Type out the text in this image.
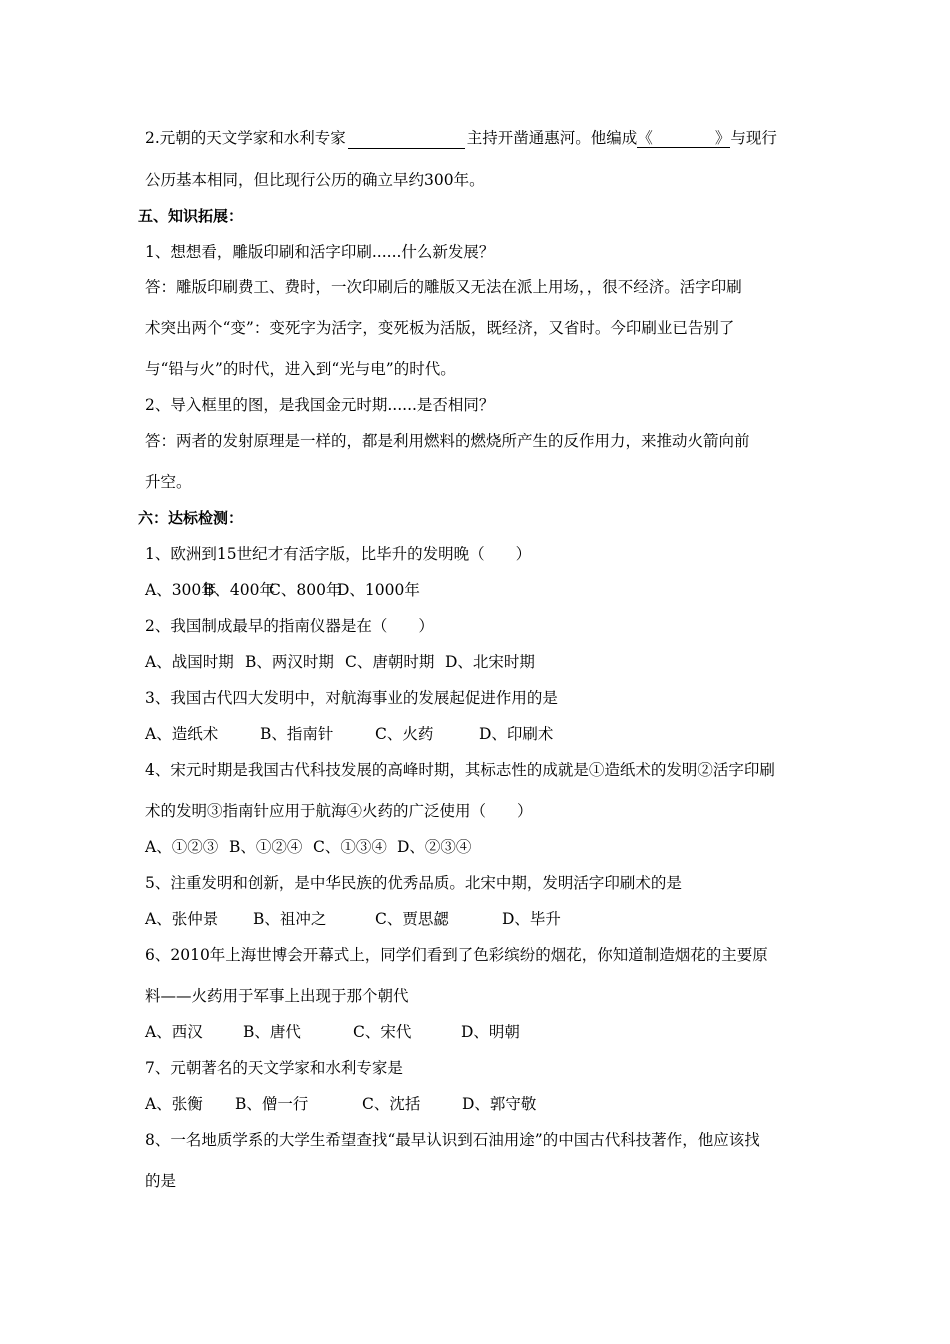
2.元朝的天文学家和水利专家	主持开凿通惠河。他编成《	》与现行
公历基本相同，但比现行公历的确立早约300年。
五、知识拓展：
1、想想看，雕版印刷和活字印刷......什么新发展？
答：雕版印刷费工、费时，一次印刷后的雕版又无法在派上用场，，很不经济。活字印刷
术突出两个“变”：变死字为活字，变死板为活版，既经济，又省时。今印刷业已告别了
与“铅与火”的时代，进入到“光与电”的时代。
2、导入框里的图，是我国金元时期......是否相同？
答：两者的发射原理是一样的，都是利用燃料的燃烧所产生的反作用力，来推动火箭向前
升空。
六：达标检测：
1、欧洲到15世纪才有活字版，比毕升的发明晚（　　）
A、300年B、400年C、800年D、1000年
2、我国制成最早的指南仪器是在（　　）
A、战国时期 B、两汉时期 C、唐朝时期 D、北宋时期
3、我国古代四大发明中，对航海事业的发展起促进作用的是
A、造纸术	B、指南针	C、火药	D、印刷术
4、宋元时期是我国古代科技发展的高峰时期，其标志性的成就是①造纸术的发明②活字印刷
术的发明③指南针应用于航海④火药的广泛使用（　　）
A、①②③ B、①②④ C、①③④ D、②③④
5、注重发明和创新，是中华民族的优秀品质。北宋中期，发明活字印刷术的是
A、张仲景 B、祖冲之	C、贾思勰	D、毕升
6、2010年上海世博会开幕式上，同学们看到了色彩缤纷的烟花，你知道制造烟花的主要原
料——火药用于军事上出现于那个朝代
A、西汉	B、唐代	C、宋代	D、明朝
7、元朝著名的天文学家和水利专家是
A、张衡 B、僧一行	C、沈括	D、郭守敬
8、一名地质学系的大学生希望查找“最早认识到石油用途”的中国古代科技著作，他应该找
的是
